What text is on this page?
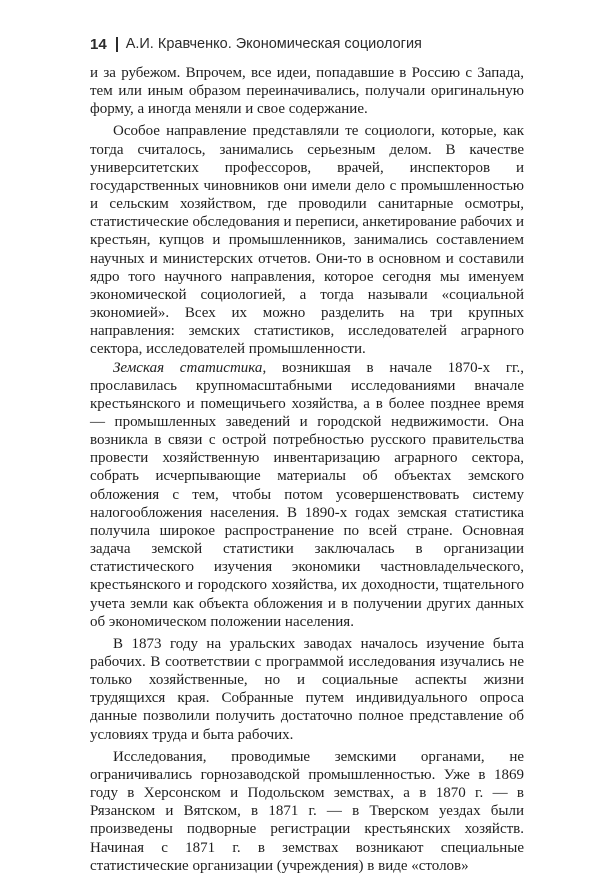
14 А.И. Кравченко. Экономическая социология

и за рубежом. Впрочем, все идеи, попадавшие в Россию с Запада, тем или иным образом переиначивались, получали оригинальную форму, а иногда меняли и свое содержание.

Особое направление представляли те социологи, которые, как тогда считалось, занимались серьезным делом. В качестве университетских профессоров, врачей, инспекторов и государственных чиновников они имели дело с промышленностью и сельским хозяйством, где проводили санитарные осмотры, статистические обследования и переписи, анкетирование рабочих и крестьян, купцов и промышленников, занимались составлением научных и министерских отчетов. Они-то в основном и составили ядро того научного направления, которое сегодня мы именуем экономической социологией, а тогда называли «социальной экономией». Всех их можно разделить на три крупных направления: земских статистиков, исследователей аграрного сектора, исследователей промышленности.

Земская статистика, возникшая в начале 1870-х гг., прославилась крупномасштабными исследованиями вначале крестьянского и помещичьего хозяйства, а в более позднее время — промышленных заведений и городской недвижимости. Она возникла в связи с острой потребностью русского правительства провести хозяйственную инвентаризацию аграрного сектора, собрать исчерпывающие материалы об объектах земского обложения с тем, чтобы потом усовершенствовать систему налогообложения населения. В 1890-х годах земская статистика получила широкое распространение по всей стране. Основная задача земской статистики заключалась в организации статистического изучения экономики частновладельческого, крестьянского и городского хозяйства, их доходности, тщательного учета земли как объекта обложения и в получении других данных об экономическом положении населения.

В 1873 году на уральских заводах началось изучение быта рабочих. В соответствии с программой исследования изучались не только хозяйственные, но и социальные аспекты жизни трудящихся края. Собранные путем индивидуального опроса данные позволили получить достаточно полное представление об условиях труда и быта рабочих.

Исследования, проводимые земскими органами, не ограничивались горнозаводской промышленностью. Уже в 1869 году в Херсонском и Подольском земствах, а в 1870 г. — в Рязанском и Вятском, в 1871 г. — в Тверском уездах были произведены подворные регистрации крестьянских хозяйств. Начиная с 1871 г. в земствах возникают специальные статистические организации (учреждения) в виде «столов»
